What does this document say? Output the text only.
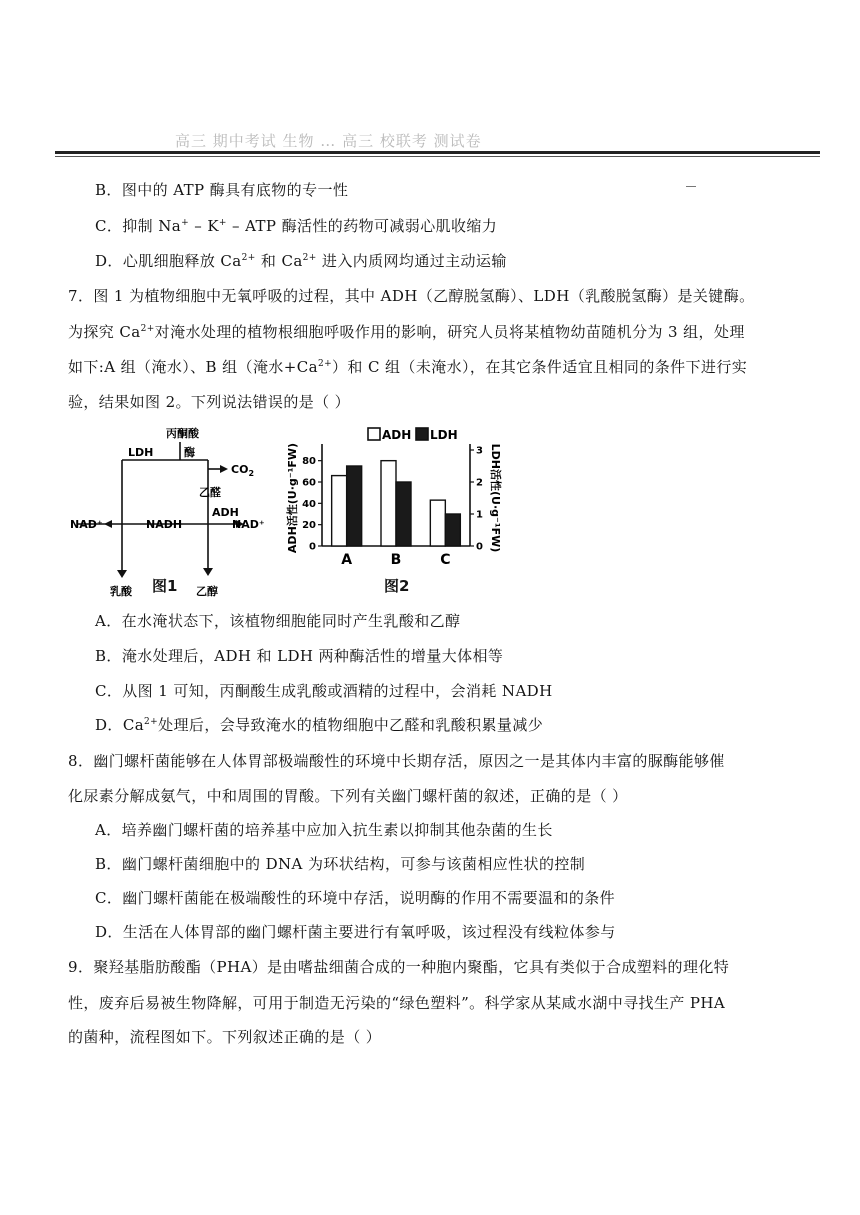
高三 期中考试 生物 … 高三 校联考 测试卷
B．图中的 ATP 酶具有底物的专一性
C．抑制 Na+ – K+ – ATP 酶活性的药物可减弱心肌收缩力
D．心肌细胞释放 $Ca^{2+}$ 和 $Ca^{2+}$ 进入内质网均通过主动运输
7．图 1 为植物细胞中无氧呼吸的过程，其中 ADH（乙醇脱氢酶）、LDH（乳酸脱氢酶）是关键酶。
为探究 $Ca^{2+}$对淹水处理的植物根细胞呼吸作用的影响，研究人员将某植物幼苗随机分为 3 组，处理
如下:A 组（淹水）、B 组（淹水$+Ca^{2+}$）和 C 组（未淹水），在其它条件适宜且相同的条件下进行实
验，结果如图 2。下列说法错误的是（ ）
丙酮酸
LDH	酶
$CO_2$
乙醛
ADH
NAD⁺	NADH	NAD⁺
乳酸	乙醇
图1
0
20
40
60
80
0
1
2
3
ADH活性(U·g⁻¹FW)	LDH活性(U·g⁻¹FW)
A	B	C
ADH LDH
图2
A．在水淹状态下，该植物细胞能同时产生乳酸和乙醇
B．淹水处理后，ADH 和 LDH 两种酶活性的增量大体相等
C．从图 1 可知，丙酮酸生成乳酸或酒精的过程中，会消耗 NADH
D．$Ca^{2+}$处理后，会导致淹水的植物细胞中乙醛和乳酸积累量减少
8．幽门螺杆菌能够在人体胃部极端酸性的环境中长期存活，原因之一是其体内丰富的脲酶能够催
化尿素分解成氨气，中和周围的胃酸。下列有关幽门螺杆菌的叙述，正确的是（ ）
A．培养幽门螺杆菌的培养基中应加入抗生素以抑制其他杂菌的生长
B．幽门螺杆菌细胞中的 DNA 为环状结构，可参与该菌相应性状的控制
C．幽门螺杆菌能在极端酸性的环境中存活，说明酶的作用不需要温和的条件
D．生活在人体胃部的幽门螺杆菌主要进行有氧呼吸，该过程没有线粒体参与
9．聚羟基脂肪酸酯（PHA）是由嗜盐细菌合成的一种胞内聚酯，它具有类似于合成塑料的理化特
性，废弃后易被生物降解，可用于制造无污染的“绿色塑料”。科学家从某咸水湖中寻找生产 PHA
的菌种，流程图如下。下列叙述正确的是（ ）
